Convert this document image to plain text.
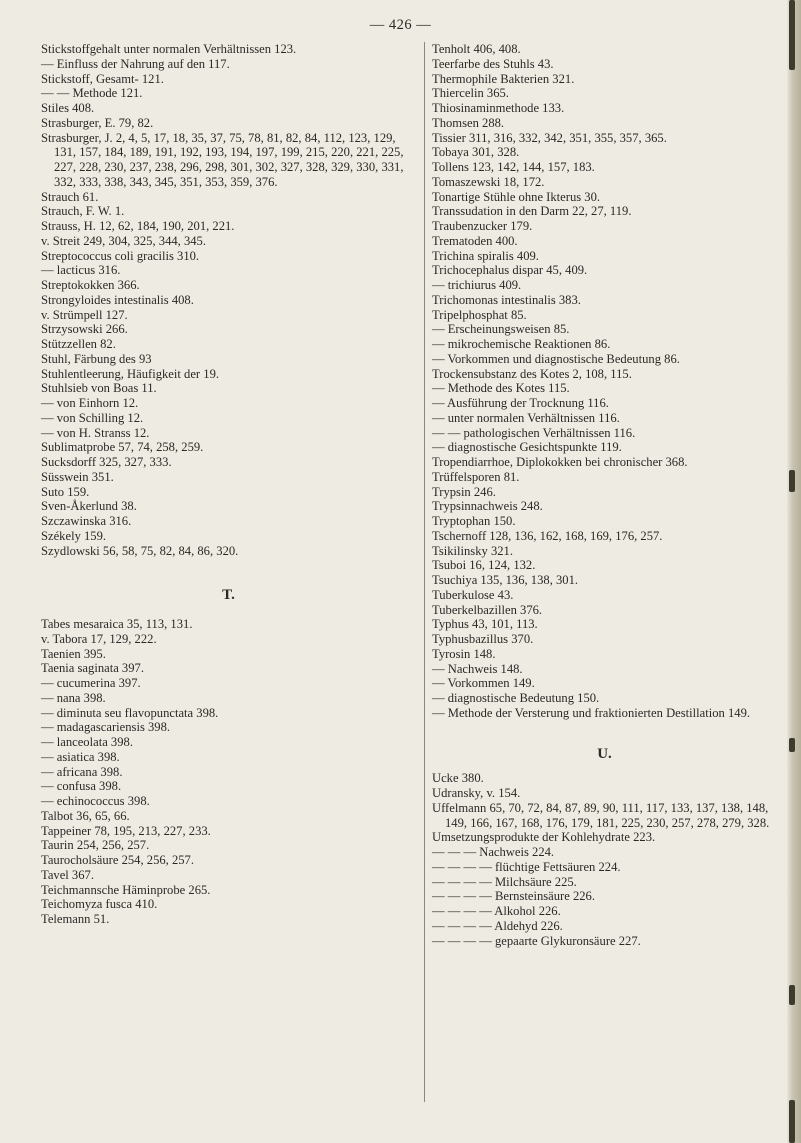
— 426 —
Stickstoffgehalt unter normalen Verhältnissen 123.
— Einfluss der Nahrung auf den 117.
Stickstoff, Gesamt- 121.
— — Methode 121.
Stiles 408.
Strasburger, E. 79, 82.
Strasburger, J. 2, 4, 5, 17, 18, 35, 37, 75, 78, 81, 82, 84, 112, 123, 129, 131, 157, 184, 189, 191, 192, 193, 194, 197, 199, 215, 220, 221, 225, 227, 228, 230, 237, 238, 296, 298, 301, 302, 327, 328, 329, 330, 331, 332, 333, 338, 343, 345, 351, 353, 359, 376.
Strauch 61.
Strauch, F. W. 1.
Strauss, H. 12, 62, 184, 190, 201, 221.
v. Streit 249, 304, 325, 344, 345.
Streptococcus coli gracilis 310.
— lacticus 316.
Streptokokken 366.
Strongyloides intestinalis 408.
v. Strümpell 127.
Strzysowski 266.
Stützzellen 82.
Stuhl, Färbung des 93
Stuhlentleerung, Häufigkeit der 19.
Stuhlsieb von Boas 11.
— von Einhorn 12.
— von Schilling 12.
— von H. Stranss 12.
Sublimatprobe 57, 74, 258, 259.
Sucksdorff 325, 327, 333.
Süsswein 351.
Suto 159.
Sven-Åkerlund 38.
Szczawinska 316.
Székely 159.
Szydlowski 56, 58, 75, 82, 84, 86, 320.
T.
Tabes mesaraica 35, 113, 131.
v. Tabora 17, 129, 222.
Taenien 395.
Taenia saginata 397.
— cucumerina 397.
— nana 398.
— diminuta seu flavopunctata 398.
— madagascariensis 398.
— lanceolata 398.
— asiatica 398.
— africana 398.
— confusa 398.
— echinococcus 398.
Talbot 36, 65, 66.
Tappeiner 78, 195, 213, 227, 233.
Taurin 254, 256, 257.
Taurocholsäure 254, 256, 257.
Tavel 367.
Teichmannsche Häminprobe 265.
Teichomyza fusca 410.
Telemann 51.
Tenholt 406, 408.
Teerfarbe des Stuhls 43.
Thermophile Bakterien 321.
Thiercelin 365.
Thiosinaminmethode 133.
Thomsen 288.
Tissier 311, 316, 332, 342, 351, 355, 357, 365.
Tobaya 301, 328.
Tollens 123, 142, 144, 157, 183.
Tomaszewski 18, 172.
Tonartige Stühle ohne Ikterus 30.
Transsudation in den Darm 22, 27, 119.
Traubenzucker 179.
Trematoden 400.
Trichina spiralis 409.
Trichocephalus dispar 45, 409.
— trichiurus 409.
Trichomonas intestinalis 383.
Tripelphosphat 85.
— Erscheinungsweisen 85.
— mikrochemische Reaktionen 86.
— Vorkommen und diagnostische Bedeutung 86.
Trockensubstanz des Kotes 2, 108, 115.
— Methode des Kotes 115.
— Ausführung der Trocknung 116.
— unter normalen Verhältnissen 116.
— — pathologischen Verhältnissen 116.
— diagnostische Gesichtspunkte 119.
Tropendiarrhoe, Diplokokken bei chronischer 368.
Trüffelsporen 81.
Trypsin 246.
Trypsinnachweis 248.
Tryptophan 150.
Tschernoff 128, 136, 162, 168, 169, 176, 257.
Tsikilinsky 321.
Tsuboi 16, 124, 132.
Tsuchiya 135, 136, 138, 301.
Tuberkulose 43.
Tuberkelbazillen 376.
Typhus 43, 101, 113.
Typhusbazillus 370.
Tyrosin 148.
— Nachweis 148.
— Vorkommen 149.
— diagnostische Bedeutung 150.
— Methode der Versterung und fraktionierten Destillation 149.
U.
Ucke 380.
Udransky, v. 154.
Uffelmann 65, 70, 72, 84, 87, 89, 90, 111, 117, 133, 137, 138, 148, 149, 166, 167, 168, 176, 179, 181, 225, 230, 257, 278, 279, 328.
Umsetzungsprodukte der Kohlehydrate 223.
— — — Nachweis 224.
— — — — flüchtige Fettsäuren 224.
— — — — Milchsäure 225.
— — — — Bernsteinsäure 226.
— — — — Alkohol 226.
— — — — Aldehyd 226.
— — — — gepaarte Glykuronsäure 227.
